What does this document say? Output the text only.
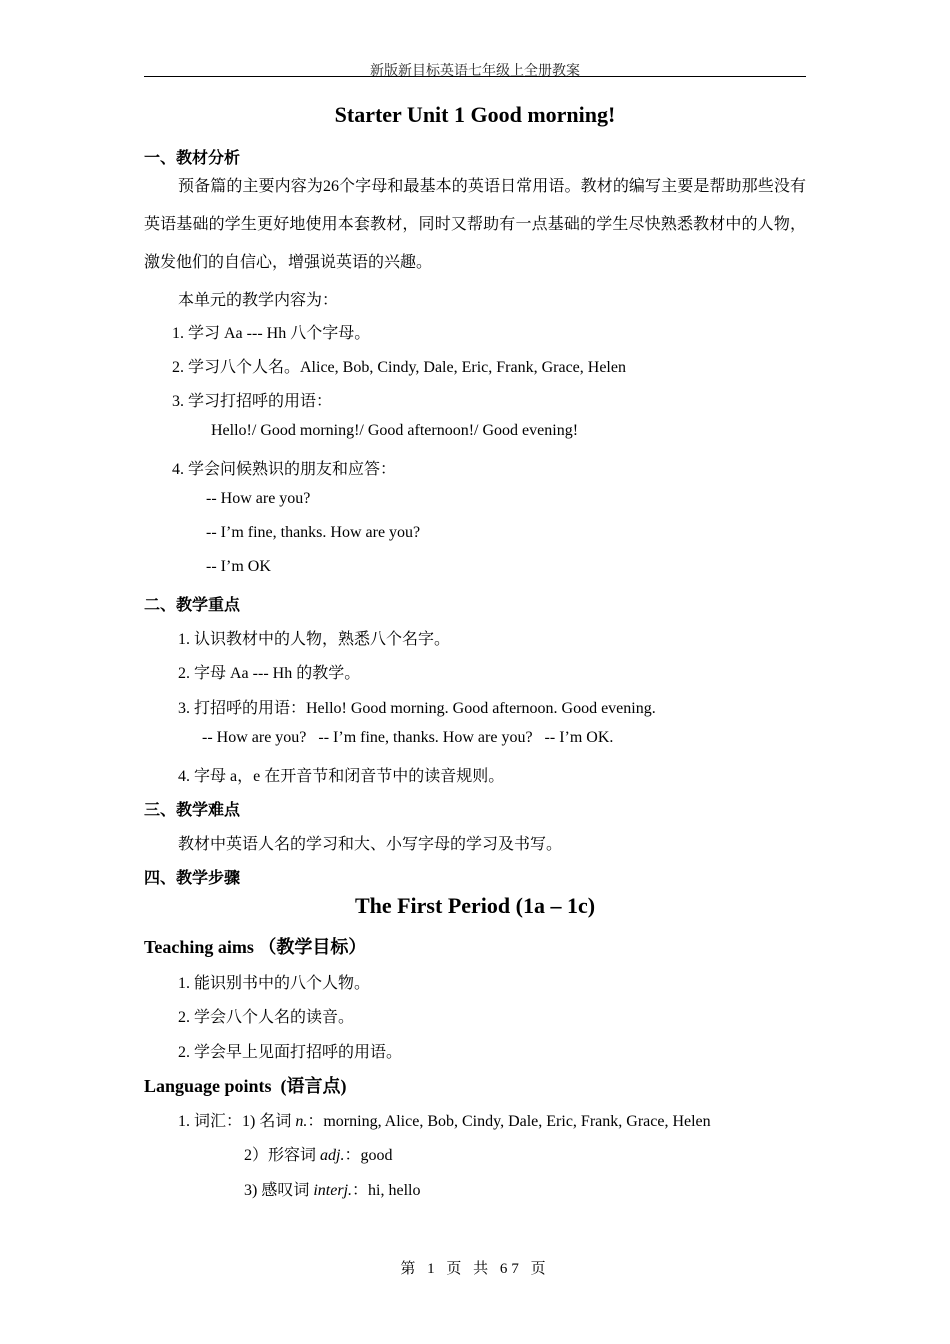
新版新目标英语七年级上全册教案
Starter Unit 1 Good morning!
一、教材分析
预备篇的主要内容为26个字母和最基本的英语日常用语。教材的编写主要是帮助那些没有英语基础的学生更好地使用本套教材，同时又帮助有一点基础的学生尽快熟悉教材中的人物，激发他们的自信心，增强说英语的兴趣。
本单元的教学内容为：
1. 学习 Aa --- Hh 八个字母。
2. 学习八个人名。Alice, Bob, Cindy, Dale, Eric, Frank, Grace, Helen
3. 学习打招呼的用语：
Hello!/ Good morning!/ Good afternoon!/ Good evening!
4. 学会问候熟识的朋友和应答：
-- How are you?
-- I’m fine, thanks. How are you?
-- I’m OK
二、教学重点
1. 认识教材中的人物，熟悉八个名字。
2. 字母 Aa --- Hh 的教学。
3. 打招呼的用语：Hello! Good morning. Good afternoon. Good evening.
-- How are you?   -- I’m fine, thanks. How are you?   -- I’m OK.
4. 字母 a，e 在开音节和闭音节中的读音规则。
三、教学难点
教材中英语人名的学习和大、小写字母的学习及书写。
四、教学步骤
The First Period (1a – 1c)
Teaching aims （教学目标）
1. 能识别书中的八个人物。
2. 学会八个人名的读音。
2. 学会早上见面打招呼的用语。
Language points  (语言点)
1. 词汇：1) 名词 n.：morning, Alice, Bob, Cindy, Dale, Eric, Frank, Grace, Helen
2）形容词 adj.：good
3) 感叹词 interj.：hi, hello
第 1 页 共 67 页
